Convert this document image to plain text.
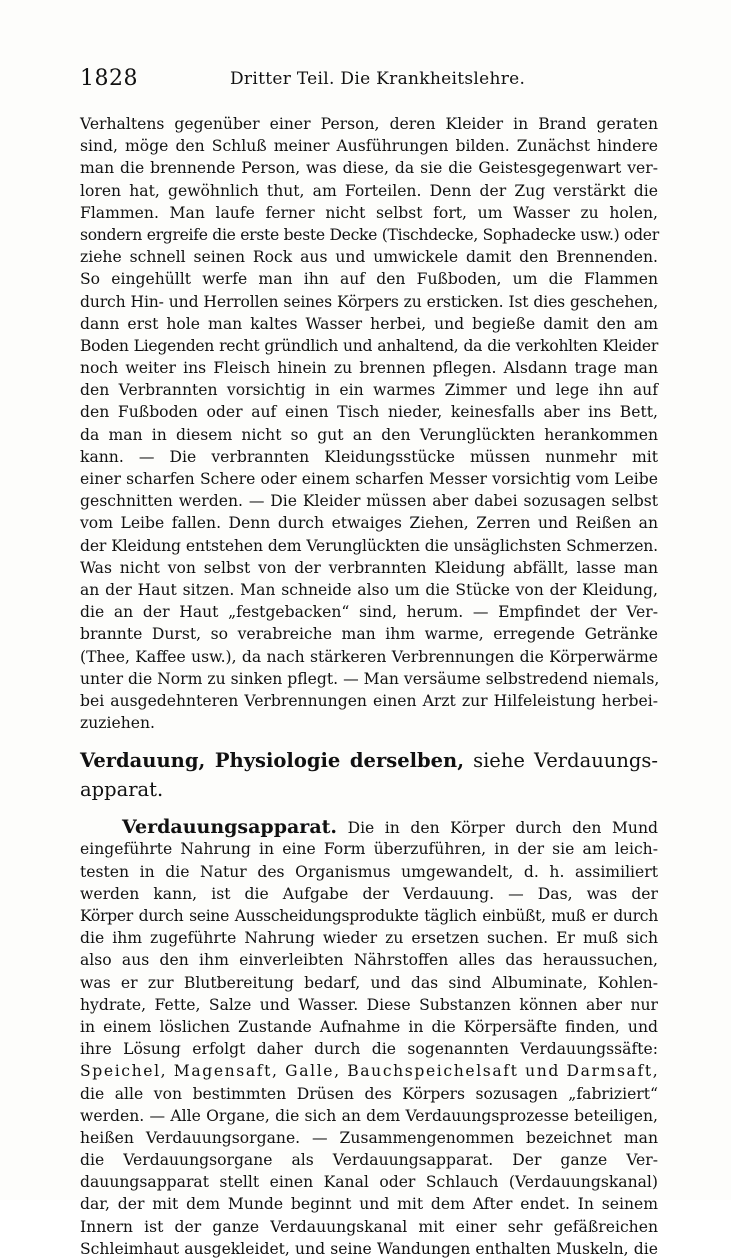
1828	Dritter Teil. Die Krankheitslehre.
Verhaltens gegenüber einer Person, deren Kleider in Brand geraten
sind, möge den Schluß meiner Ausführungen bilden. Zunächst hindere
man die brennende Person, was diese, da sie die Geistesgegenwart ver-
loren hat, gewöhnlich thut, am Forteilen. Denn der Zug verstärkt die
Flammen. Man laufe ferner nicht selbst fort, um Wasser zu holen,
sondern ergreife die erste beste Decke (Tischdecke, Sophadecke usw.) oder
ziehe schnell seinen Rock aus und umwickele damit den Brennenden.
So eingehüllt werfe man ihn auf den Fußboden, um die Flammen
durch Hin- und Herrollen seines Körpers zu ersticken. Ist dies geschehen,
dann erst hole man kaltes Wasser herbei, und begieße damit den am
Boden Liegenden recht gründlich und anhaltend, da die verkohlten Kleider
noch weiter ins Fleisch hinein zu brennen pflegen. Alsdann trage man
den Verbrannten vorsichtig in ein warmes Zimmer und lege ihn auf
den Fußboden oder auf einen Tisch nieder, keinesfalls aber ins Bett,
da man in diesem nicht so gut an den Verunglückten herankommen
kann. — Die verbrannten Kleidungsstücke müssen nunmehr mit
einer scharfen Schere oder einem scharfen Messer vorsichtig vom Leibe
geschnitten werden. — Die Kleider müssen aber dabei sozusagen selbst
vom Leibe fallen. Denn durch etwaiges Ziehen, Zerren und Reißen an
der Kleidung entstehen dem Verunglückten die unsäglichsten Schmerzen.
Was nicht von selbst von der verbrannten Kleidung abfällt, lasse man
an der Haut sitzen. Man schneide also um die Stücke von der Kleidung,
die an der Haut „festgebacken“ sind, herum. — Empfindet der Ver-
brannte Durst, so verabreiche man ihm warme, erregende Getränke
(Thee, Kaffee usw.), da nach stärkeren Verbrennungen die Körperwärme
unter die Norm zu sinken pflegt. — Man versäume selbstredend niemals,
bei ausgedehnteren Verbrennungen einen Arzt zur Hilfeleistung herbei-
zuziehen.
Verdauung, Physiologie derselben, siehe Verdauungs-
apparat.
Verdauungsapparat. Die in den Körper durch den Mund
eingeführte Nahrung in eine Form überzuführen, in der sie am leich-
testen in die Natur des Organismus umgewandelt, d. h. assimiliert
werden kann, ist die Aufgabe der Verdauung. — Das, was der
Körper durch seine Ausscheidungsprodukte täglich einbüßt, muß er durch
die ihm zugeführte Nahrung wieder zu ersetzen suchen. Er muß sich
also aus den ihm einverleibten Nährstoffen alles das heraussuchen,
was er zur Blutbereitung bedarf, und das sind Albuminate, Kohlen-
hydrate, Fette, Salze und Wasser. Diese Substanzen können aber nur
in einem löslichen Zustande Aufnahme in die Körpersäfte finden, und
ihre Lösung erfolgt daher durch die sogenannten Verdauungssäfte:
Speichel, Magensaft, Galle, Bauchspeichelsaft und Darmsaft,
die alle von bestimmten Drüsen des Körpers sozusagen „fabriziert“
werden. — Alle Organe, die sich an dem Verdauungsprozesse beteiligen,
heißen Verdauungsorgane. — Zusammengenommen bezeichnet man
die Verdauungsorgane als Verdauungsapparat. Der ganze Ver-
dauungsapparat stellt einen Kanal oder Schlauch (Verdauungskanal)
dar, der mit dem Munde beginnt und mit dem After endet. In seinem
Innern ist der ganze Verdauungskanal mit einer sehr gefäßreichen
Schleimhaut ausgekleidet, und seine Wandungen enthalten Muskeln, die
